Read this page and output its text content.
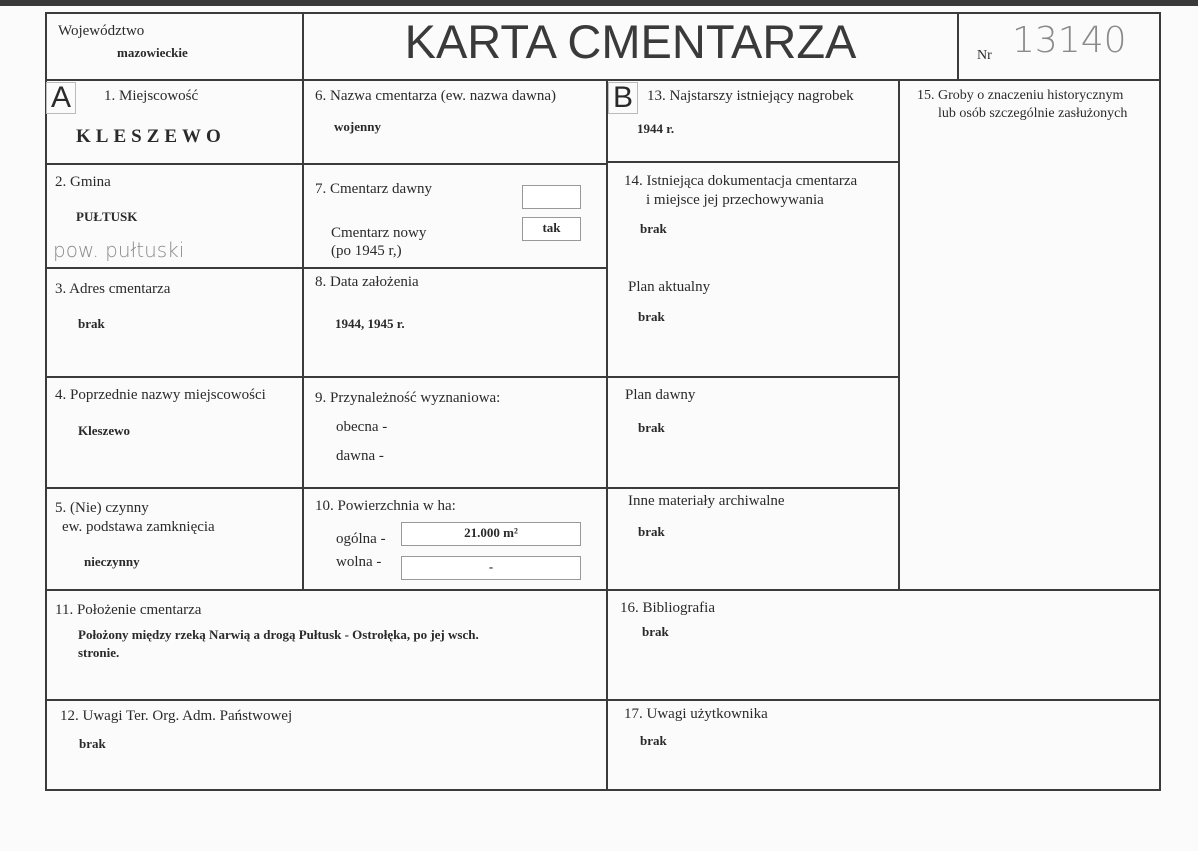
Województwo
mazowieckie	KARTA CMENTARZA	Nr 13140
A	1. Miejscowość
KLESZEWO
2. Gmina
PUŁTUSK
pow. pułtuski
3. Adres cmentarza
brak
4. Poprzednie nazwy miejscowości
Kleszewo
5. (Nie) czynny
ew. podstawa zamknięcia
nieczynny
6. Nazwa cmentarza (ew. nazwa dawna)
wojenny
7. Cmentarz dawny
Cmentarz nowy
(po 1945 r,)
tak
8. Data założenia
1944, 1945 r.
9. Przynależność wyznaniowa:
obecna -
dawna -
10. Powierzchnia w ha:
ogólna -	21.000 m²
wolna -	-
B 13. Najstarszy istniejący nagrobek
1944 r.
14. Istniejąca dokumentacja cmentarza
i miejsce jej przechowywania
brak
Plan aktualny
brak
Plan dawny
brak
Inne materiały archiwalne
brak
15. Groby o znaczeniu historycznym
lub osób szczególnie zasłużonych
11. Położenie cmentarza
Położony między rzeką Narwią a drogą Pułtusk - Ostrołęka, po jej wsch.
stronie.
16. Bibliografia
brak
12. Uwagi Ter. Org. Adm. Państwowej
brak
17. Uwagi użytkownika
brak
